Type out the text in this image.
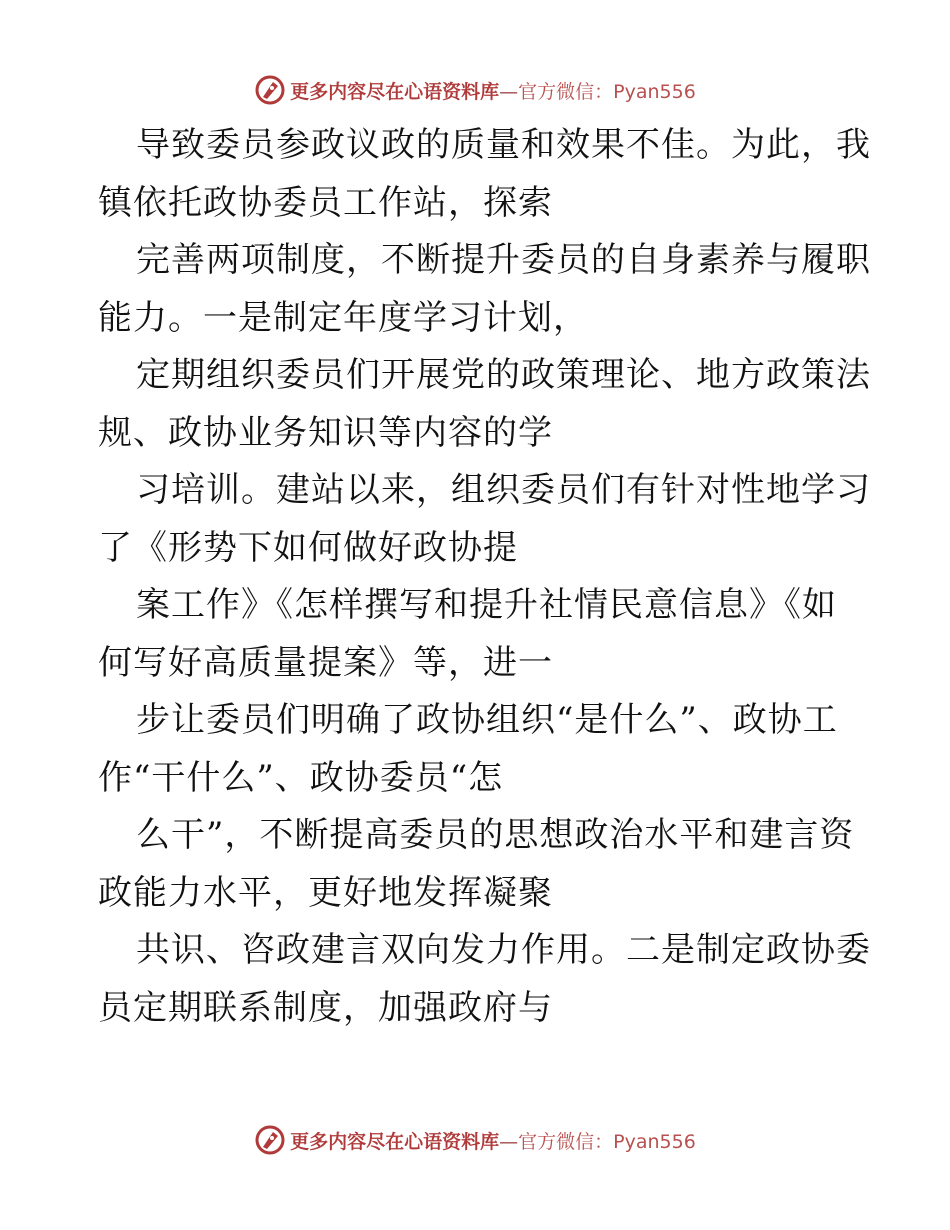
更多内容尽在心语资料库—官方微信：Pyan556
导致委员参政议政的质量和效果不佳。为此，我
镇依托政协委员工作站，探索
完善两项制度，不断提升委员的自身素养与履职
能力。一是制定年度学习计划，
定期组织委员们开展党的政策理论、地方政策法
规、政协业务知识等内容的学
习培训。建站以来，组织委员们有针对性地学习
了《形势下如何做好政协提
案工作》《怎样撰写和提升社情民意信息》《如
何写好高质量提案》等，进一
步让委员们明确了政协组织“是什么”、政协工
作“干什么”、政协委员“怎
么干”，不断提高委员的思想政治水平和建言资
政能力水平，更好地发挥凝聚
共识、咨政建言双向发力作用。二是制定政协委
员定期联系制度，加强政府与
更多内容尽在心语资料库—官方微信：Pyan556
